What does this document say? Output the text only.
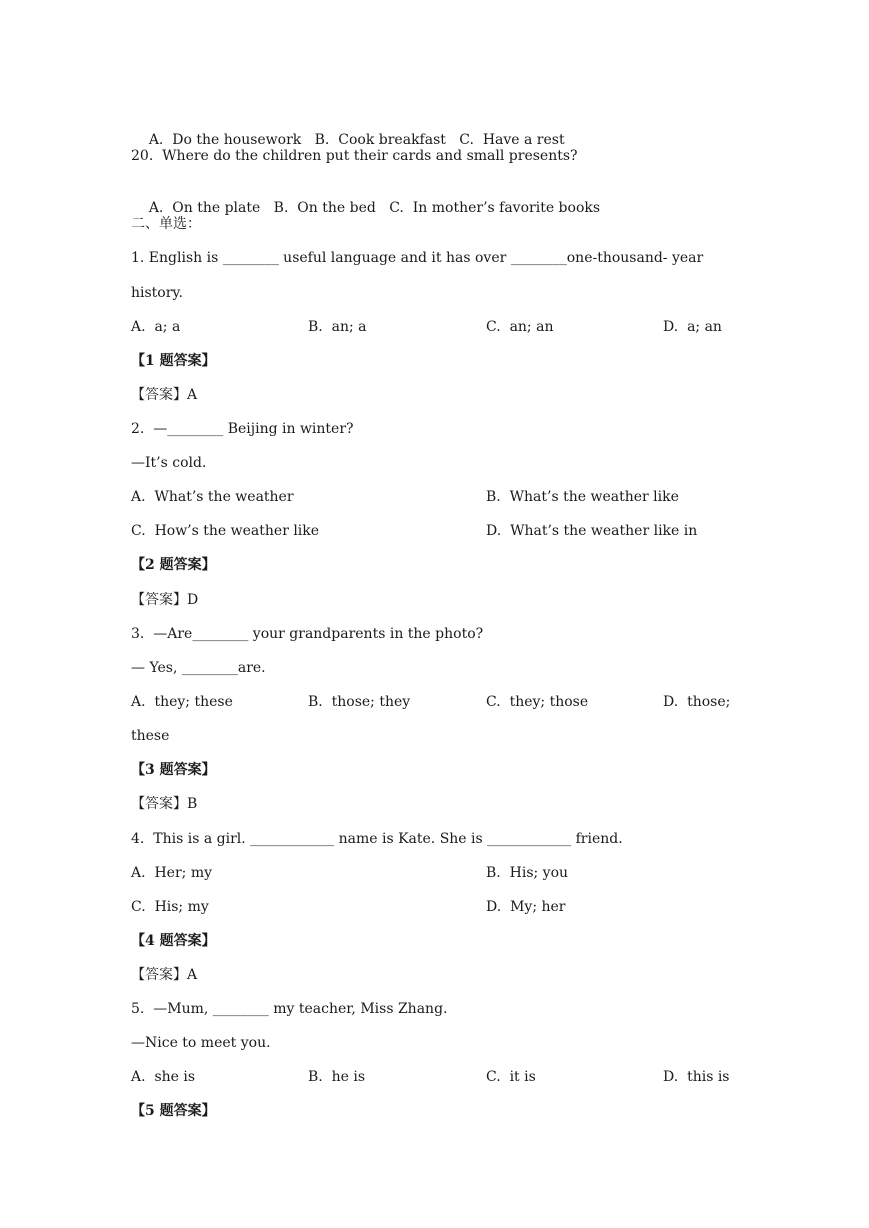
A.  Do the housework B.  Cook breakfast C.  Have a rest

20.  Where do the children put their cards and small presents?

A.  On the plate B.  On the bed C.  In mother’s favorite books

二、单选：
1. English is ________ useful language and it has over ________one-thousand- year
history.
A.  a; a	B.  an; a	C.  an; an	D.  a; an
【1 题答案】
【答案】A
2.  —________ Beijing in winter?
—It’s cold.
A.  What’s the weather	B.  What’s the weather like
C.  How’s the weather like	D.  What’s the weather like in
【2 题答案】
【答案】D
3.  —Are________ your grandparents in the photo?
— Yes, ________are.
A.  they; these	B.  those; they	C.  they; those	D.  those;
these
【3 题答案】
【答案】B
4.  This is a girl. ____________ name is Kate. She is ____________ friend.
A.  Her; my	B.  His; you
C.  His; my	D.  My; her
【4 题答案】
【答案】A
5.  —Mum, ________ my teacher, Miss Zhang.
—Nice to meet you.
A.  she is	B.  he is	C.  it is	D.  this is
【5 题答案】
